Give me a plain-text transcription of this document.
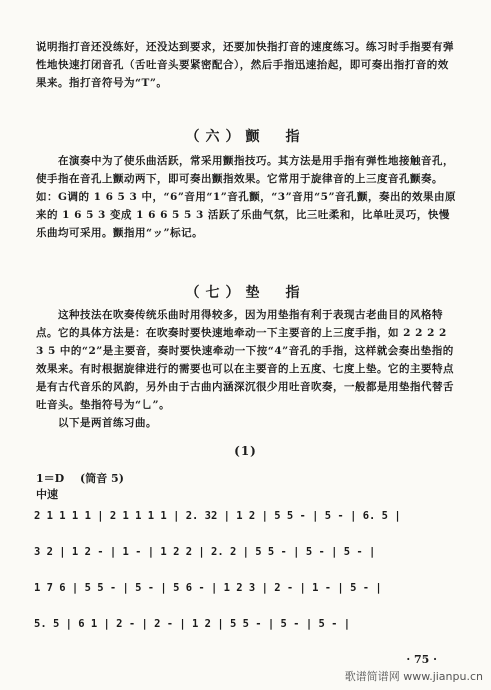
说明指打音还没练好，还没达到要求，还要加快指打音的速度练习。练习时手指要有弹性地快速打闭音孔（舌吐音头要紧密配合），然后手指迅速抬起，即可奏出指打音的效果来。指打音符号为“T”。
（六）颤　指
在演奏中为了使乐曲活跃，常采用颤指技巧。其方法是用手指有弹性地接触音孔，使手指在音孔上颤动两下，即可奏出颤指效果。它常用于旋律音的上三度音孔颤奏。如：G调的 1 6 5 3 中，“6”音用“1”音孔颤，“3”音用“5”音孔颤，奏出的效果由原来的 1 6 5 3 变成 1 6 6 5 5 3 活跃了乐曲气氛，比三吐柔和，比单吐灵巧，快慢乐曲均可采用。颤指用“ッ”标记。
（七）垫　指
这种技法在吹奏传统乐曲时用得较多，因为用垫指有利于表现古老曲目的风格特点。它的具体方法是：在吹奏时要快速地牵动一下主要音的上三度手指，如 2 2 2 2 3 5 中的“2”是主要音，奏时要快速牵动一下按“4”音孔的手指，这样就会奏出垫指的效果来。有时根据旋律进行的需要也可以在主要音的上五度、七度上垫。它的主要特点是有古代音乐的风韵，另外由于古曲内涵深沉很少用吐音吹奏，一般都是用垫指代替舌吐音头。垫指符号为“乚”。
以下是两首练习曲。
(1)
1＝D (筒音 5)
中速
2 1 1 1 1 | 2 1 1 1 1 | 2. 32 | 1 2 | 5 5 - | 5 - | 6. 5 |
3 2 | 1 2 - | 1 - | 1 2 2 | 2. 2 | 5 5 - | 5 - | 5 - |
1 7 6 | 5 5 - | 5 - | 5 6 - | 1 2 3 | 2 - | 1 - | 5 - |
5. 5 | 6 1 | 2 - | 2 - | 1 2 | 5 5 - | 5 - | 5 - |
· 75 ·
歌谱简谱网 www.jianpu.cn
